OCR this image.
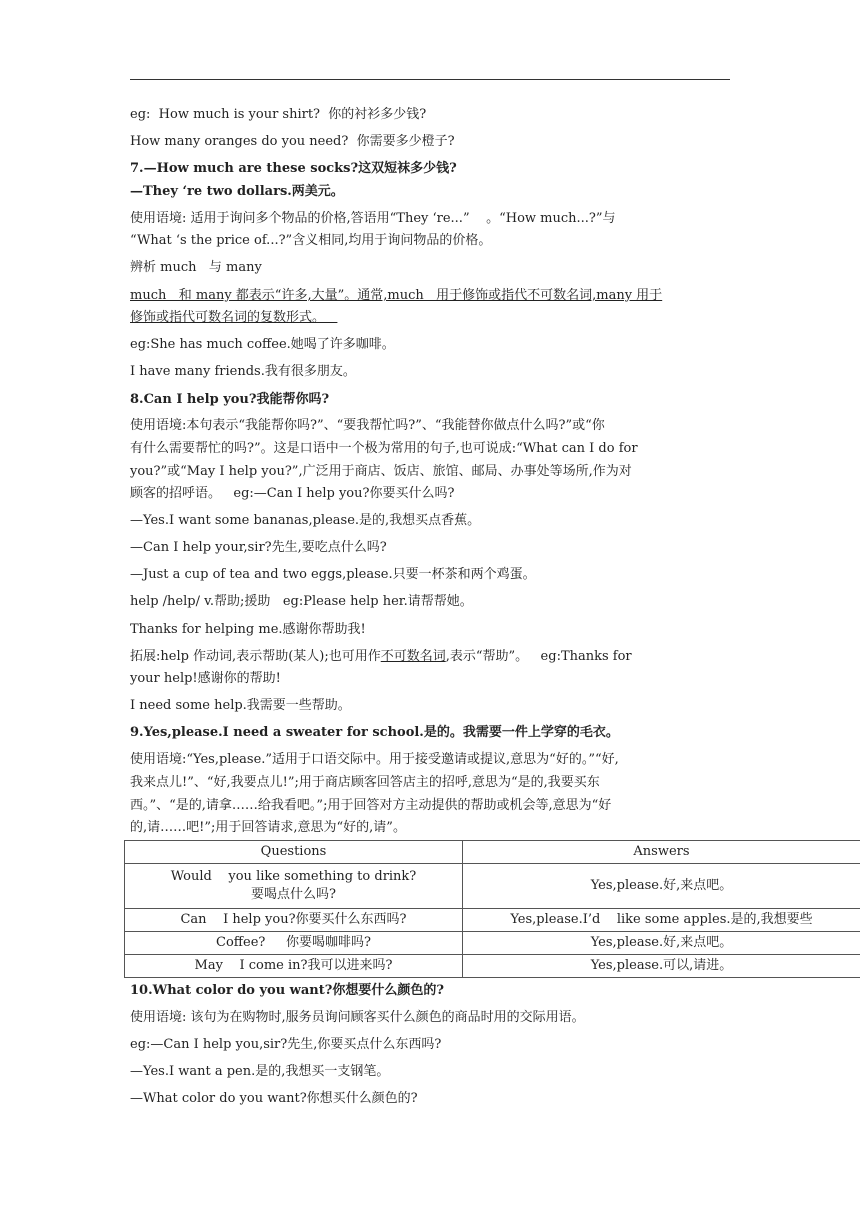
eg:  How much is your shirt?  你的衬衫多少钱?
How many oranges do you need?  你需要多少橙子?
7.—How much are these socks?这双短袜多少钱?
—They ‘re two dollars.两美元。
使用语境: 适用于询问多个物品的价格,答语用“They ‘re...”    。“How much...?”与
“What ‘s the price of...?”含义相同,均用于询问物品的价格。
辨析 much   与 many
much   和 many 都表示“许多,大量”。通常,much   用于修饰或指代不可数名词,many 用于
修饰或指代可数名词的复数形式。
eg:She has much coffee.她喝了许多咖啡。
I have many friends.我有很多朋友。
8.Can I help you?我能帮你吗?
使用语境:本句表示“我能帮你吗?”、“要我帮忙吗?”、“我能替你做点什么吗?”或“你
有什么需要帮忙的吗?”。这是口语中一个极为常用的句子,也可说成:“What can I do for
you?”或“May I help you?”,广泛用于商店、饭店、旅馆、邮局、办事处等场所,作为对
顾客的招呼语。   eg:—Can I help you?你要买什么吗?
—Yes.I want some bananas,please.是的,我想买点香蕉。
—Can I help your,sir?先生,要吃点什么吗?
—Just a cup of tea and two eggs,please.只要一杯茶和两个鸡蛋。
help /help/ v.帮助;援助   eg:Please help her.请帮帮她。
Thanks for helping me.感谢你帮助我!
拓展:help 作动词,表示帮助(某人);也可用作不可数名词,表示“帮助”。   eg:Thanks for
your help!感谢你的帮助!
I need some help.我需要一些帮助。
9.Yes,please.I need a sweater for school.是的。我需要一件上学穿的毛衣。
使用语境:“Yes,please.”适用于口语交际中。用于接受邀请或提议,意思为“好的。”“好,
我来点儿!”、“好,我要点儿!”;用于商店顾客回答店主的招呼,意思为“是的,我要买东
西。”、“是的,请拿……给我看吧。”;用于回答对方主动提供的帮助或机会等,意思为“好
的,请……吧!”;用于回答请求,意思为“好的,请”。
Questions	Answers
Would    you like something to drink?
要喝点什么吗?	Yes,please.好,来点吧。
Can    I help you?你要买什么东西吗?	Yes,please.I’d    like some apples.是的,我想要些
Coffee?     你要喝咖啡吗?	Yes,please.好,来点吧。
May    I come in?我可以进来吗?	Yes,please.可以,请进。
10.What color do you want?你想要什么颜色的?
使用语境: 该句为在购物时,服务员询问顾客买什么颜色的商品时用的交际用语。
eg:—Can I help you,sir?先生,你要买点什么东西吗?
—Yes.I want a pen.是的,我想买一支钢笔。
—What color do you want?你想买什么颜色的?
